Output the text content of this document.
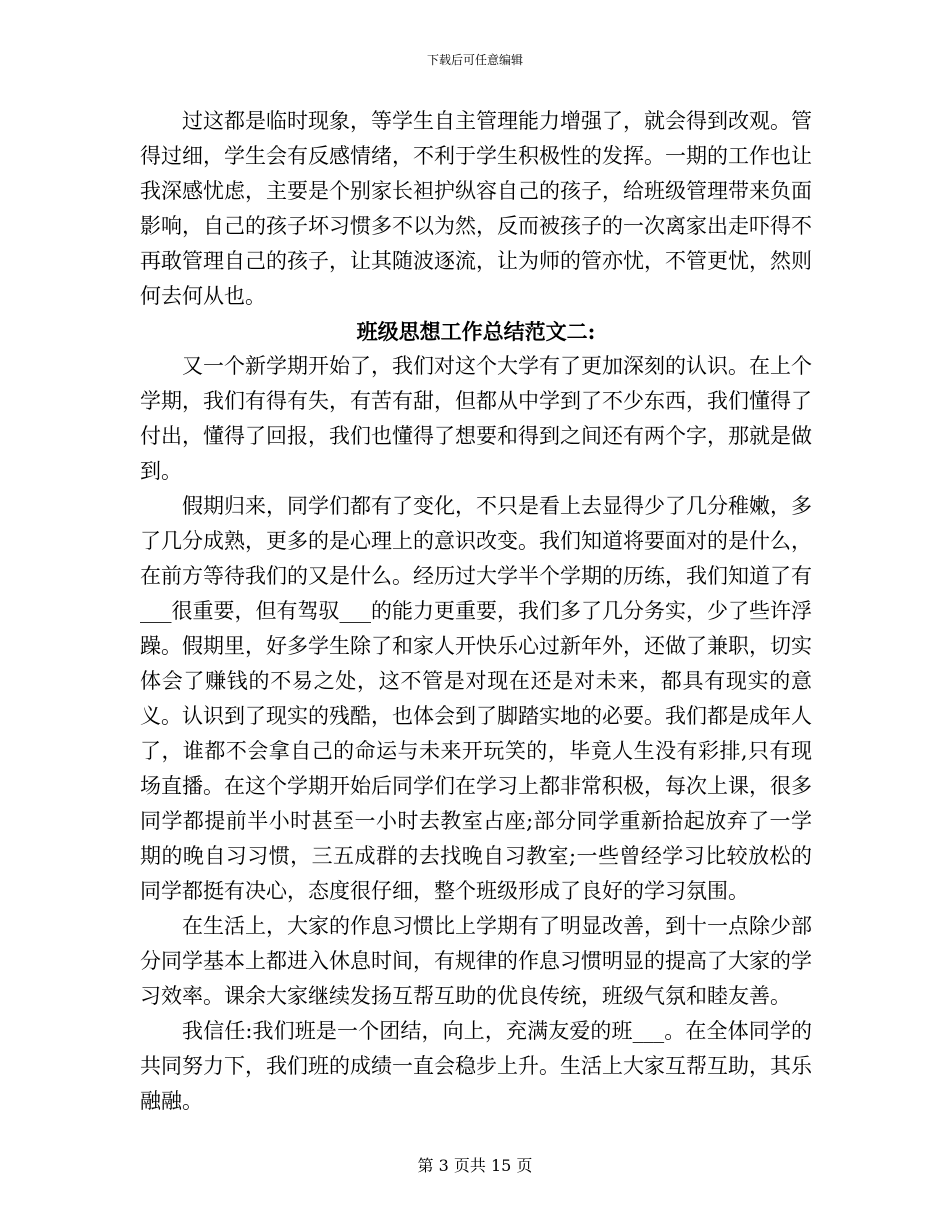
下载后可任意编辑

过这都是临时现象，等学生自主管理能力增强了，就会得到改观。管得过细，学生会有反感情绪，不利于学生积极性的发挥。一期的工作也让我深感忧虑，主要是个别家长袒护纵容自己的孩子，给班级管理带来负面影响，自己的孩子坏习惯多不以为然，反而被孩子的一次离家出走吓得不再敢管理自己的孩子，让其随波逐流，让为师的管亦忧，不管更忧，然则何去何从也。

班级思想工作总结范文二:

又一个新学期开始了，我们对这个大学有了更加深刻的认识。在上个学期，我们有得有失，有苦有甜，但都从中学到了不少东西，我们懂得了付出，懂得了回报，我们也懂得了想要和得到之间还有两个字，那就是做到。

假期归来，同学们都有了变化，不只是看上去显得少了几分稚嫩，多了几分成熟，更多的是心理上的意识改变。我们知道将要面对的是什么，在前方等待我们的又是什么。经历过大学半个学期的历练，我们知道了有___很重要，但有驾驭___的能力更重要，我们多了几分务实，少了些许浮躁。假期里，好多学生除了和家人开快乐心过新年外，还做了兼职，切实体会了赚钱的不易之处，这不管是对现在还是对未来，都具有现实的意义。认识到了现实的残酷，也体会到了脚踏实地的必要。我们都是成年人了，谁都不会拿自己的命运与未来开玩笑的，毕竟人生没有彩排,只有现场直播。在这个学期开始后同学们在学习上都非常积极，每次上课，很多同学都提前半小时甚至一小时去教室占座;部分同学重新拾起放弃了一学期的晚自习习惯，三五成群的去找晚自习教室;一些曾经学习比较放松的同学都挺有决心，态度很仔细，整个班级形成了良好的学习氛围。

在生活上，大家的作息习惯比上学期有了明显改善，到十一点除少部分同学基本上都进入休息时间，有规律的作息习惯明显的提高了大家的学习效率。课余大家继续发扬互帮互助的优良传统，班级气氛和睦友善。

我信任:我们班是一个团结，向上，充满友爱的班___。在全体同学的共同努力下，我们班的成绩一直会稳步上升。生活上大家互帮互助，其乐融融。

第 3 页共 15 页
